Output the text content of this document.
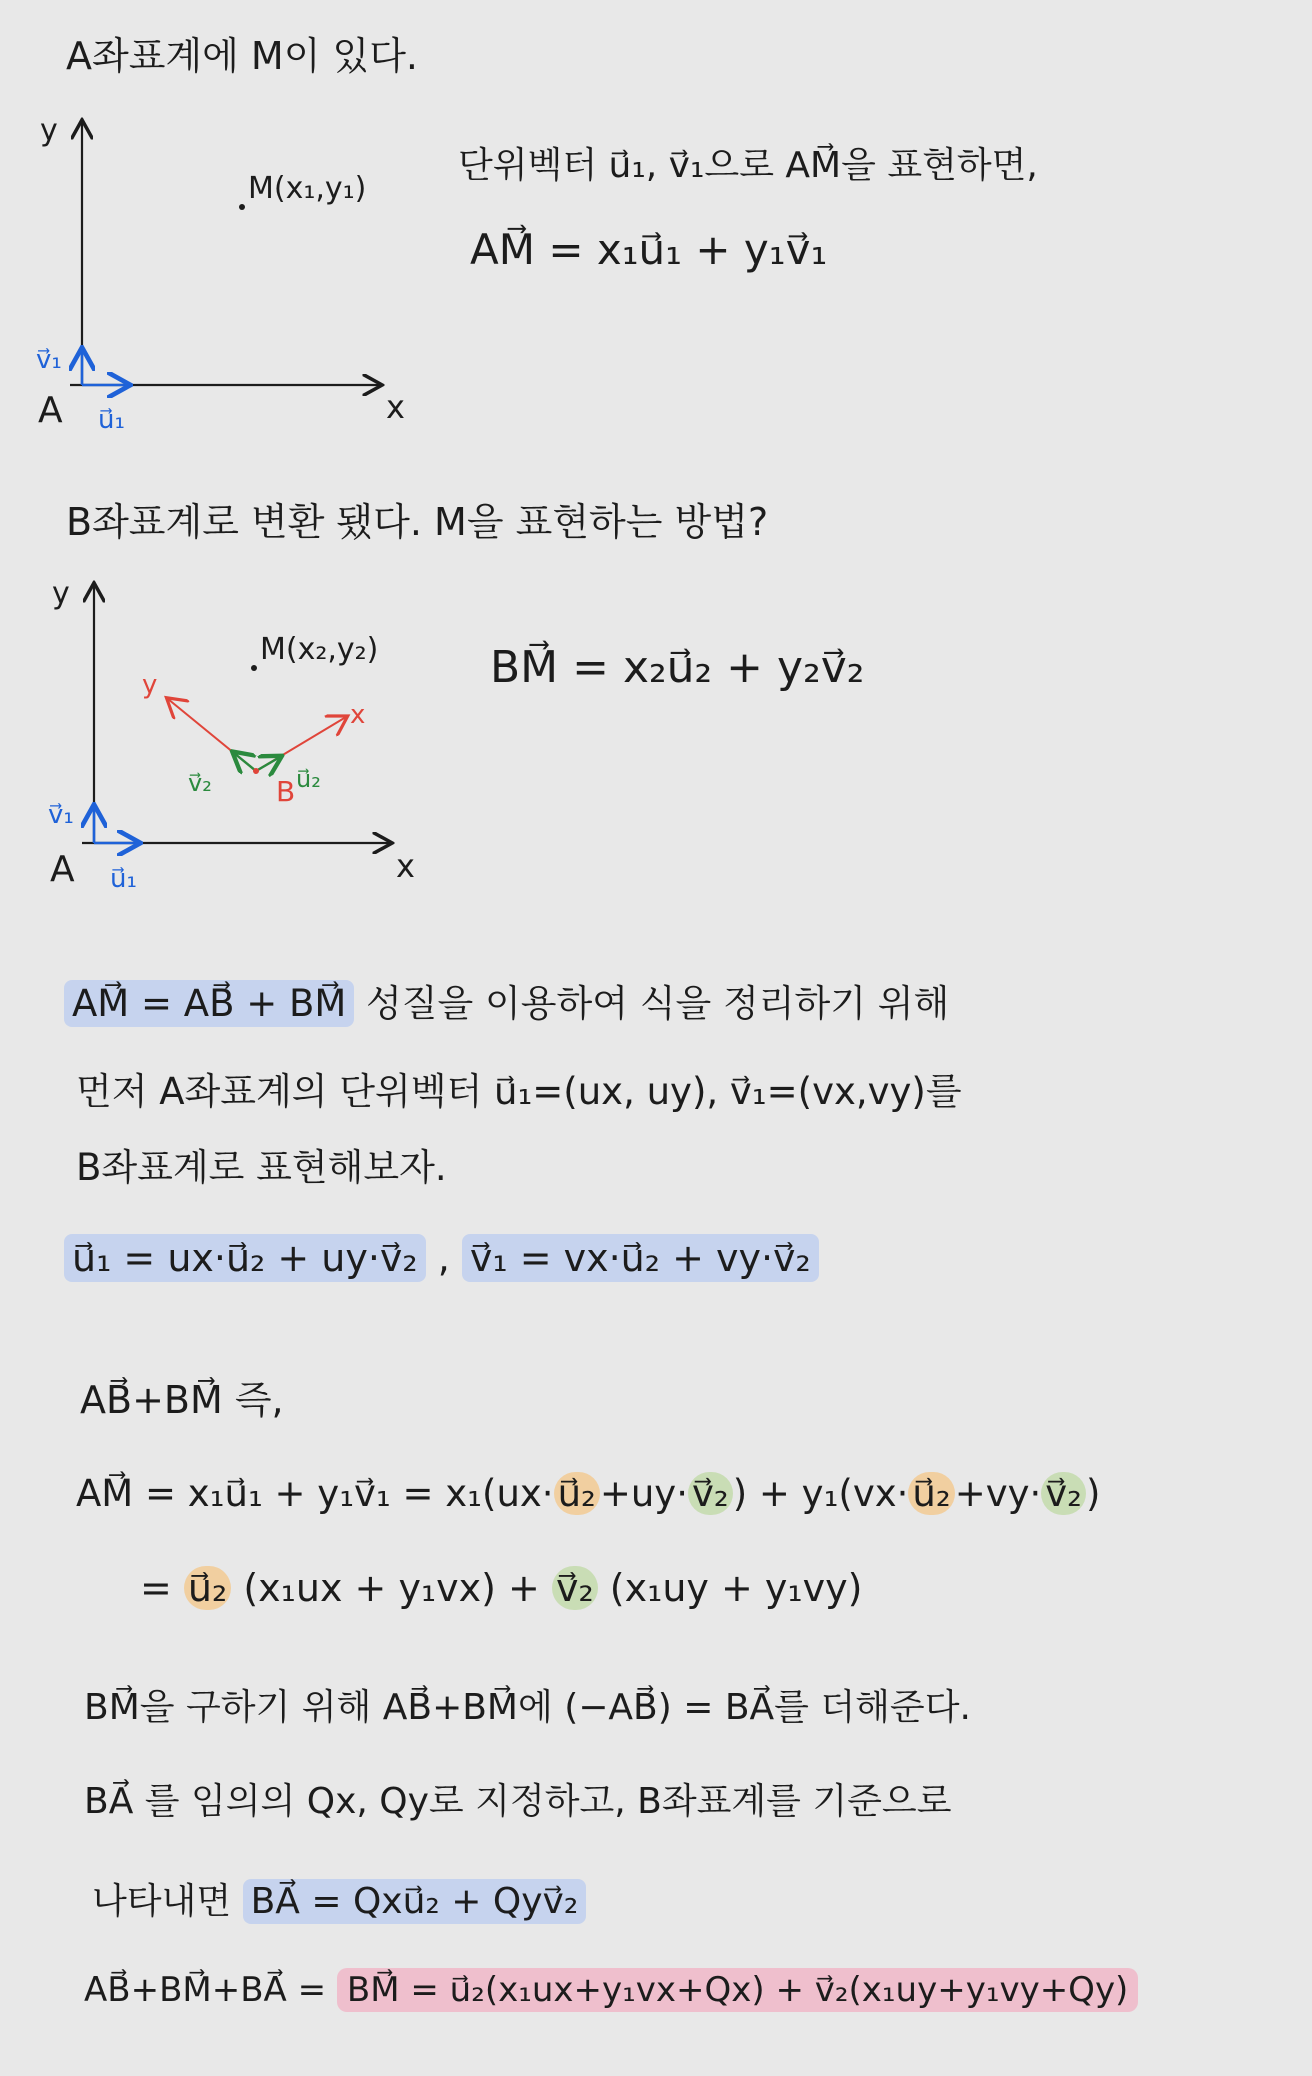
A좌표계에 M이 있다.
y
x
A
M(x₁,y₁)
v⃗₁
u⃗₁
단위벡터 u⃗₁, v⃗₁으로 AM⃗을 표현하면,
AM⃗ = x₁u⃗₁ + y₁v⃗₁
B좌표계로 변환 됐다. M을 표현하는 방법?
y
x
A
M(x₂,y₂)
v⃗₁
u⃗₁
B
y
x
v⃗₂	u⃗₂
BM⃗ = x₂u⃗₂ + y₂v⃗₂
AM⃗ = AB⃗ + BM⃗ 성질을 이용하여 식을 정리하기 위해
먼저 A좌표계의 단위벡터 u⃗₁=(ux, uy), v⃗₁=(vx,vy)를
B좌표계로 표현해보자.
u⃗₁ = ux·u⃗₂ + uy·v⃗₂ , v⃗₁ = vx·u⃗₂ + vy·v⃗₂
AB⃗+BM⃗ 즉,
AM⃗ = x₁u⃗₁ + y₁v⃗₁ = x₁(ux· u⃗₂ +uy· v⃗₂ ) + y₁(vx· u⃗₂ +vy· v⃗₂ )
= u⃗₂ (x₁ux + y₁vx) + v⃗₂ (x₁uy + y₁vy)
BM⃗을 구하기 위해 AB⃗+BM⃗에 (−AB⃗) = BA⃗를 더해준다.
BA⃗ 를 임의의 Qx, Qy로 지정하고, B좌표계를 기준으로
나타내면 BA⃗ = Qxu⃗₂ + Qyv⃗₂
AB⃗+BM⃗+BA⃗ = BM⃗ = u⃗₂(x₁ux+y₁vx+Qx) + v⃗₂(x₁uy+y₁vy+Qy)
